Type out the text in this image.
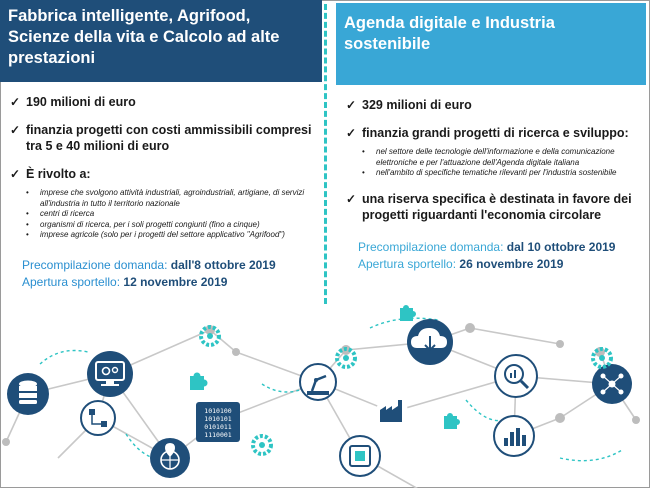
Fabbrica intelligente, Agrifood, Scienze della vita e Calcolo ad alte prestazioni
✓ 190 milioni di euro
✓ finanzia progetti con costi ammissibili compresi tra 5 e 40 milioni di euro
✓ È rivolto a:
• imprese che svolgono attività industriali, agroindustriali, artigiane, di servizi all'industria in tutto il territorio nazionale
• centri di ricerca
• organismi di ricerca, per i soli progetti congiunti (fino a cinque)
• imprese agricole (solo per i progetti del settore applicativo "Agrifood")
Precompilazione domanda: dall'8 ottobre 2019
Apertura sportello: 12 novembre 2019
Agenda digitale e Industria sostenibile
✓ 329 milioni di euro
✓ finanzia grandi progetti di ricerca e sviluppo:
• nel settore delle tecnologie dell'informazione e della comunicazione elettroniche e per l'attuazione dell'Agenda digitale italiana
• nell'ambito di specifiche tematiche rilevanti per l'industria sostenibile
✓ una riserva specifica è destinata in favore dei progetti riguardanti l'economia circolare
Precompilazione domanda: dal 10 ottobre 2019
Apertura sportello: 26 novembre 2019
1010100
1010101
0101011
1110001
